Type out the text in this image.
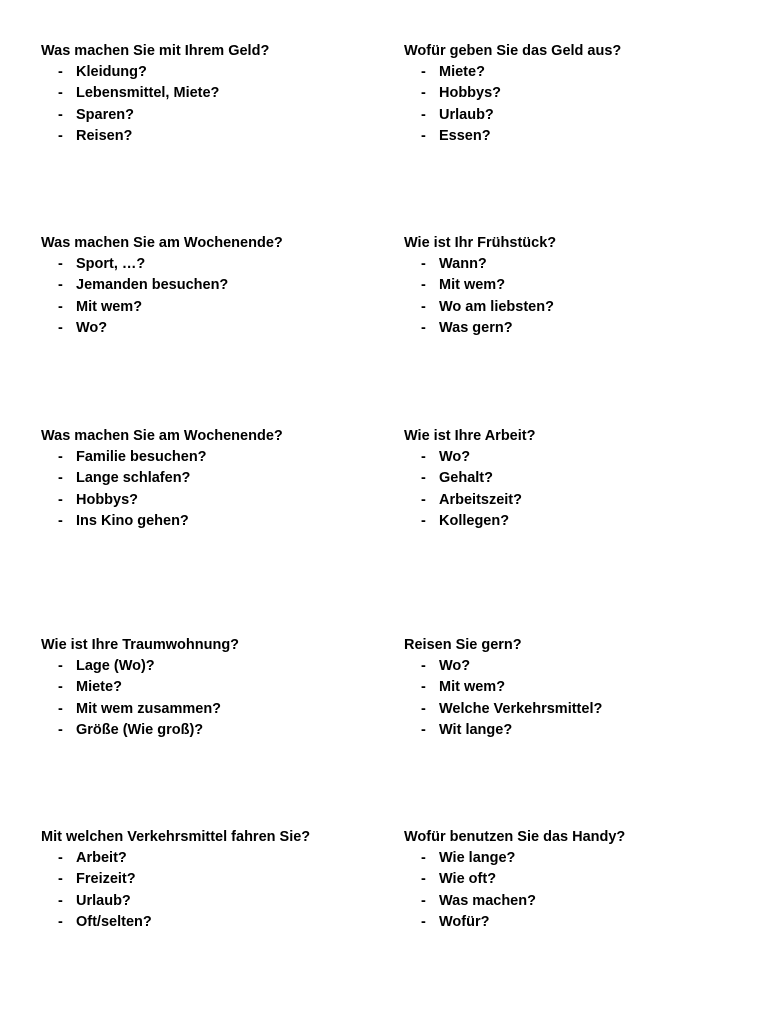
Was machen Sie mit Ihrem Geld?
- Kleidung?
- Lebensmittel, Miete?
- Sparen?
- Reisen?
Wofür geben Sie das Geld aus?
- Miete?
- Hobbys?
- Urlaub?
- Essen?
Was machen Sie am Wochenende?
- Sport, …?
- Jemanden besuchen?
- Mit wem?
- Wo?
Wie ist Ihr Frühstück?
- Wann?
- Mit wem?
- Wo am liebsten?
- Was gern?
Was machen Sie am Wochenende?
- Familie besuchen?
- Lange schlafen?
- Hobbys?
- Ins Kino gehen?
Wie ist Ihre Arbeit?
- Wo?
- Gehalt?
- Arbeitszeit?
- Kollegen?
Wie ist Ihre Traumwohnung?
- Lage (Wo)?
- Miete?
- Mit wem zusammen?
- Größe (Wie groß)?
Reisen Sie gern?
- Wo?
- Mit wem?
- Welche Verkehrsmittel?
- Wit lange?
Mit welchen Verkehrsmittel fahren Sie?
- Arbeit?
- Freizeit?
- Urlaub?
- Oft/selten?
Wofür benutzen Sie das Handy?
- Wie lange?
- Wie oft?
- Was machen?
- Wofür?
